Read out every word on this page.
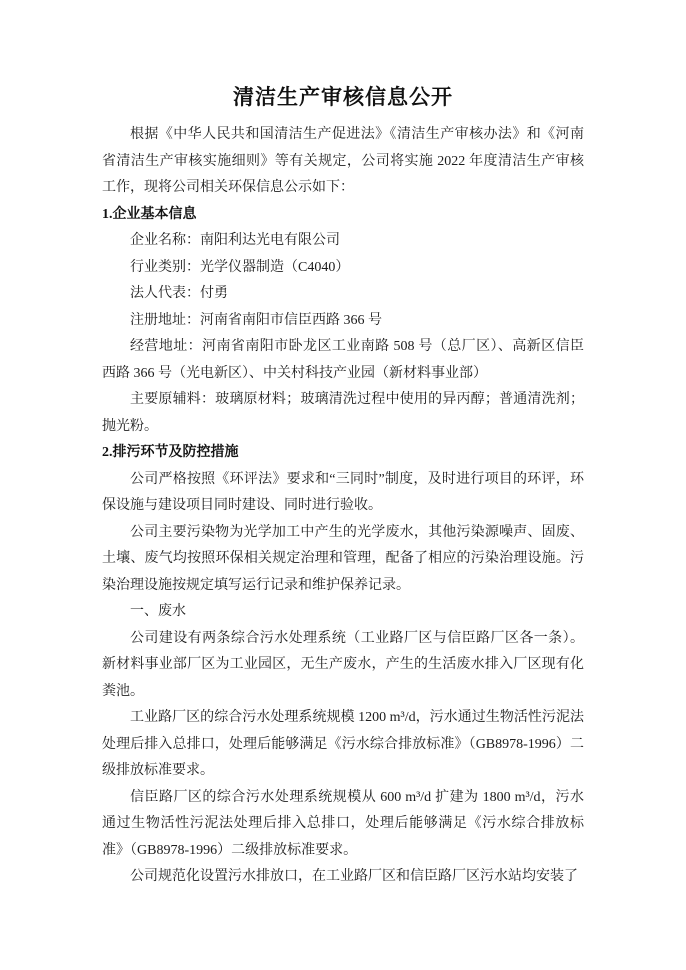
清洁生产审核信息公开

根据《中华人民共和国清洁生产促进法》《清洁生产审核办法》和《河南省清洁生产审核实施细则》等有关规定，公司将实施 2022 年度清洁生产审核工作，现将公司相关环保信息公示如下：

1.企业基本信息

企业名称：南阳利达光电有限公司

行业类别：光学仪器制造（C4040）

法人代表：付勇

注册地址：河南省南阳市信臣西路 366 号

经营地址：河南省南阳市卧龙区工业南路 508 号（总厂区）、高新区信臣西路 366 号（光电新区）、中关村科技产业园（新材料事业部）

主要原辅料：玻璃原材料；玻璃清洗过程中使用的异丙醇；普通清洗剂；抛光粉。

2.排污环节及防控措施

公司严格按照《环评法》要求和“三同时”制度，及时进行项目的环评，环保设施与建设项目同时建设、同时进行验收。

公司主要污染物为光学加工中产生的光学废水，其他污染源噪声、固废、土壤、废气均按照环保相关规定治理和管理，配备了相应的污染治理设施。污染治理设施按规定填写运行记录和维护保养记录。

一、废水

公司建设有两条综合污水处理系统（工业路厂区与信臣路厂区各一条）。新材料事业部厂区为工业园区，无生产废水，产生的生活废水排入厂区现有化粪池。

工业路厂区的综合污水处理系统规模 1200 m³/d，污水通过生物活性污泥法处理后排入总排口，处理后能够满足《污水综合排放标准》（GB8978-1996）二级排放标准要求。

信臣路厂区的综合污水处理系统规模从 600 m³/d 扩建为 1800 m³/d，污水通过生物活性污泥法处理后排入总排口，处理后能够满足《污水综合排放标准》（GB8978-1996）二级排放标准要求。

公司规范化设置污水排放口，在工业路厂区和信臣路厂区污水站均安装了
